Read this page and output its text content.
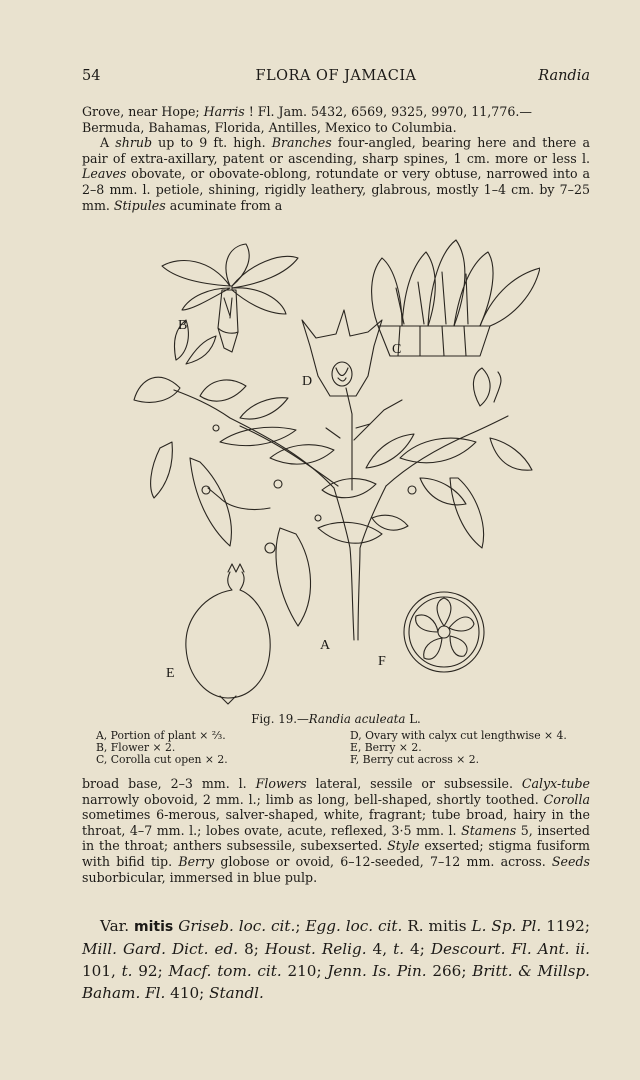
54	FLORA OF JAMACIA	Randia

Grove, near Hope; Harris ! Fl. Jam. 5432, 6569, 9325, 9970, 11,776.—
Bermuda, Bahamas, Florida, Antilles, Mexico to Columbia.

A shrub up to 9 ft. high. Branches four-angled, bearing here and there a pair of extra-axillary, patent or ascending, sharp spines, 1 cm. more or less l. Leaves obovate, or obovate-oblong, rotundate or very obtuse, narrowed into a 2–8 mm. l. petiole, shining, rigidly leathery, glabrous, mostly 1–4 cm. by 7–25 mm. Stipules acuminate from a

B
C
D
A
E
F
Fig. 19.—Randia aculeata L.
A, Portion of plant × ⅔.
B, Flower × 2.
C, Corolla cut open × 2.
D, Ovary with calyx cut lengthwise × 4.
E, Berry × 2.
F, Berry cut across × 2.

broad base, 2–3 mm. l. Flowers lateral, sessile or subsessile. Calyx-tube narrowly obovoid, 2 mm. l.; limb as long, bell-shaped, shortly toothed. Corolla sometimes 6-merous, salver-shaped, white, fragrant; tube broad, hairy in the throat, 4–7 mm. l.; lobes ovate, acute, reflexed, 3·5 mm. l. Stamens 5, inserted in the throat; anthers subsessile, subexserted. Style exserted; stigma fusiform with bifid tip. Berry globose or ovoid, 6–12-seeded, 7–12 mm. across. Seeds suborbicular, immersed in blue pulp.

Var. mitis Griseb. loc. cit.; Egg. loc. cit. R. mitis L. Sp. Pl. 1192; Mill. Gard. Dict. ed. 8; Houst. Relig. 4, t. 4; Descourt. Fl. Ant. ii. 101, t. 92; Macf. tom. cit. 210; Jenn. Is. Pin. 266; Britt. & Millsp. Baham. Fl. 410; Standl.
